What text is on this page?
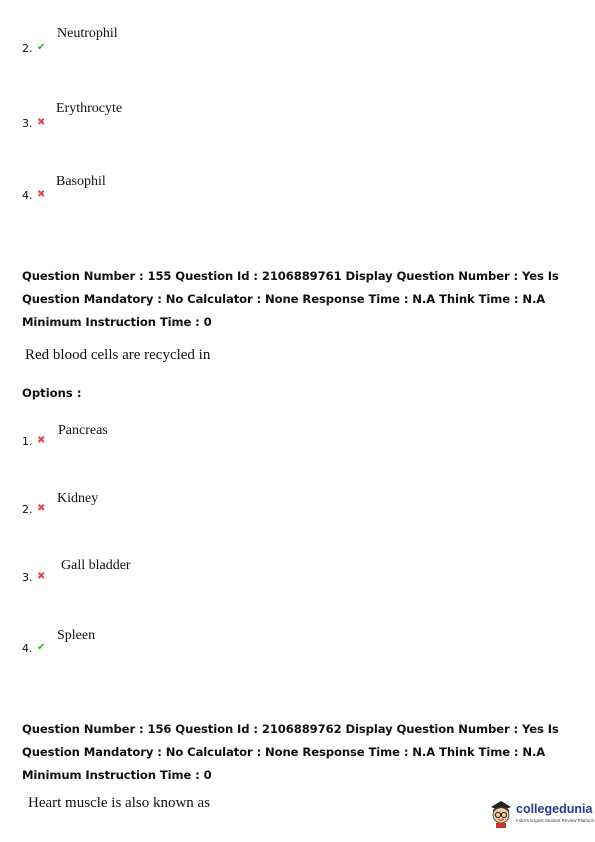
2. ✔
Neutrophil
3. ✖
Erythrocyte
4. ✖
Basophil
Question Number : 155 Question Id : 2106889761 Display Question Number : Yes Is Question Mandatory : No Calculator : None Response Time : N.A Think Time : N.A Minimum Instruction Time : 0
Red blood cells are recycled in
Options :
1. ✖
Pancreas
2. ✖
Kidney
3. ✖
Gall bladder
4. ✔
Spleen
Question Number : 156 Question Id : 2106889762 Display Question Number : Yes Is Question Mandatory : No Calculator : None Response Time : N.A Think Time : N.A Minimum Instruction Time : 0
Heart muscle is also known as	collegedunia
India's largest Student Review Platform
